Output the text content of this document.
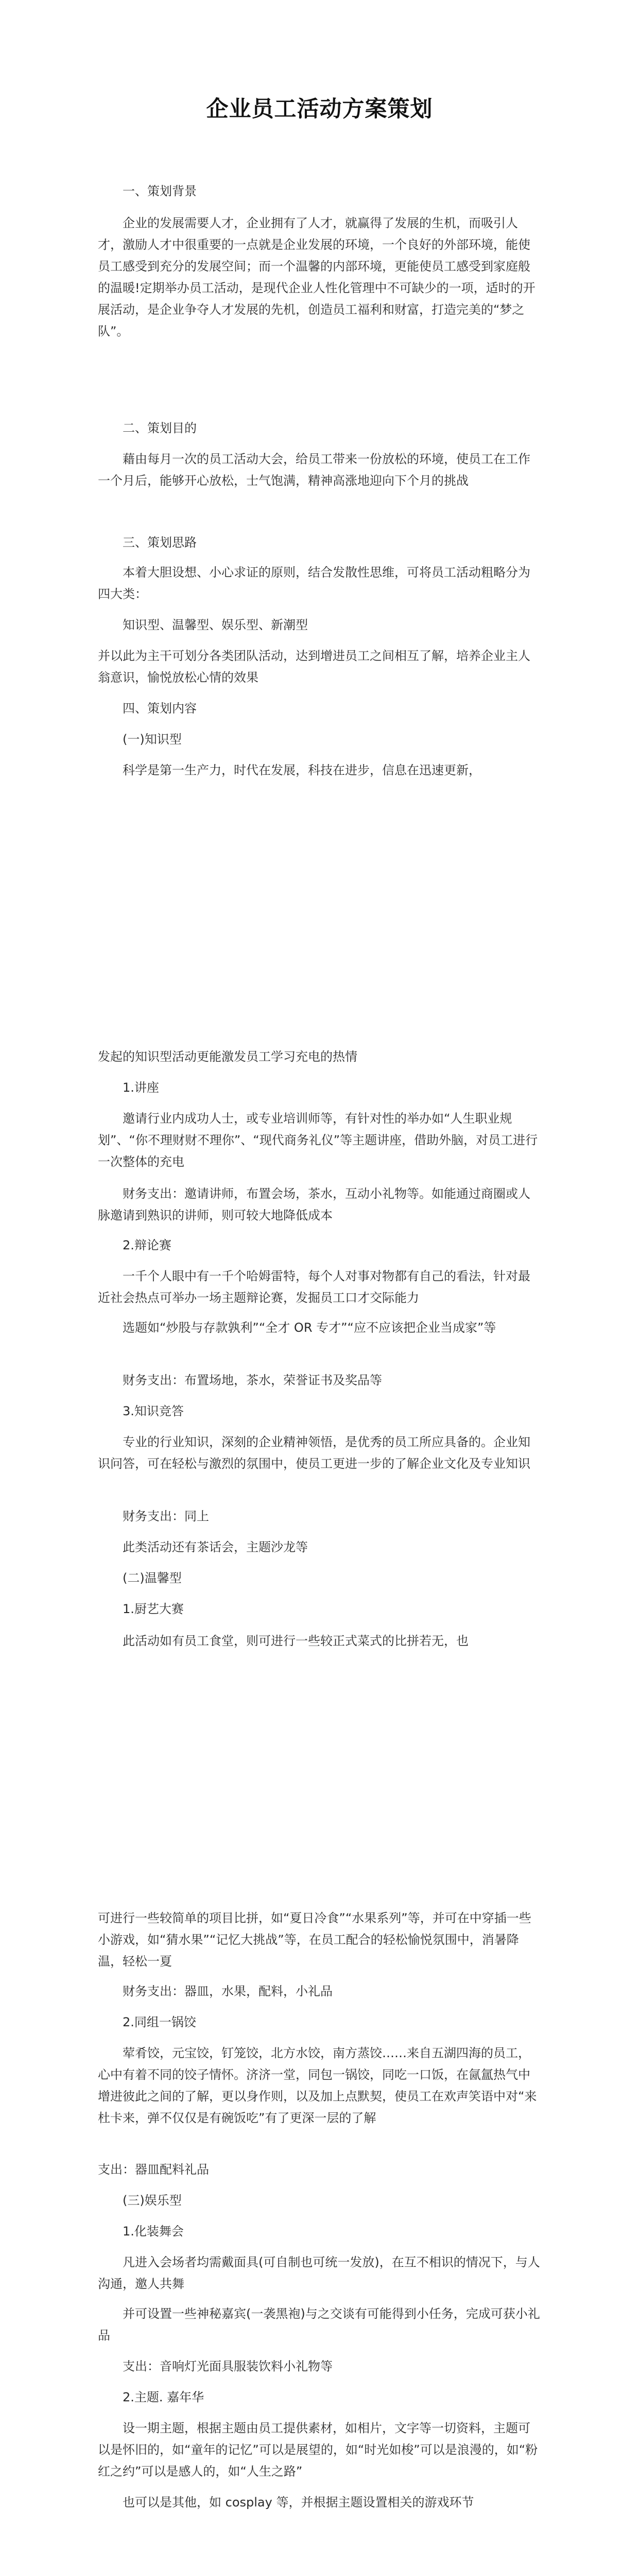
企业员工活动方案策划

一、策划背景

企业的发展需要人才，企业拥有了人才，就赢得了发展的生机，而吸引人才，激励人才中很重要的一点就是企业发展的环境，一个良好的外部环境，能使员工感受到充分的发展空间；而一个温馨的内部环境，更能使员工感受到家庭般的温暖!定期举办员工活动，是现代企业人性化管理中不可缺少的一项，适时的开展活动，是企业争夺人才发展的先机，创造员工福利和财富，打造完美的“梦之队”。

二、策划目的

藉由每月一次的员工活动大会，给员工带来一份放松的环境，使员工在工作一个月后，能够开心放松，士气饱满，精神高涨地迎向下个月的挑战

三、策划思路

本着大胆设想、小心求证的原则，结合发散性思维，可将员工活动粗略分为四大类：

知识型、温馨型、娱乐型、新潮型

并以此为主干可划分各类团队活动，达到增进员工之间相互了解，培养企业主人翁意识，愉悦放松心情的效果

四、策划内容

(一)知识型

科学是第一生产力，时代在发展，科技在进步，信息在迅速更新，

发起的知识型活动更能激发员工学习充电的热情

1.讲座

邀请行业内成功人士，或专业培训师等，有针对性的举办如“人生职业规划”、“你不理财财不理你”、“现代商务礼仪”等主题讲座，借助外脑，对员工进行一次整体的充电

财务支出：邀请讲师，布置会场，茶水，互动小礼物等。如能通过商圈或人脉邀请到熟识的讲师，则可较大地降低成本

2.辩论赛

一千个人眼中有一千个哈姆雷特，每个人对事对物都有自己的看法，针对最近社会热点可举办一场主题辩论赛，发掘员工口才交际能力

选题如“炒股与存款孰利”“全才 OR 专才”“应不应该把企业当成家”等

财务支出：布置场地，茶水，荣誉证书及奖品等

3.知识竞答

专业的行业知识，深刻的企业精神领悟，是优秀的员工所应具备的。企业知识问答，可在轻松与激烈的氛围中，使员工更进一步的了解企业文化及专业知识

财务支出：同上

此类活动还有茶话会，主题沙龙等

(二)温馨型

1.厨艺大赛

此活动如有员工食堂，则可进行一些较正式菜式的比拼若无，也

可进行一些较简单的项目比拼，如“夏日冷食”“水果系列”等，并可在中穿插一些小游戏，如“猜水果”“记忆大挑战”等，在员工配合的轻松愉悦氛围中，消暑降温，轻松一夏

财务支出：器皿，水果，配料，小礼品

2.同组一锅饺

荤肴饺，元宝饺，钉笼饺，北方水饺，南方蒸饺……来自五湖四海的员工，心中有着不同的饺子情怀。济济一堂，同包一锅饺，同吃一口饭，在氤氲热气中增进彼此之间的了解，更以身作则，以及加上点默契，使员工在欢声笑语中对“来杜卡来，弹不仅仅是有碗饭吃”有了更深一层的了解

支出：器皿配料礼品

(三)娱乐型

1.化装舞会

凡进入会场者均需戴面具(可自制也可统一发放)，在互不相识的情况下，与人沟通，邀人共舞

并可设置一些神秘嘉宾(一袭黑袍)与之交谈有可能得到小任务，完成可获小礼品

支出：音响灯光面具服装饮料小礼物等

2.主题. 嘉年华

设一期主题，根据主题由员工提供素材，如相片，文字等一切资料，主题可以是怀旧的，如“童年的记忆”可以是展望的，如“时光如梭”可以是浪漫的，如“粉红之约”可以是感人的，如“人生之路”

也可以是其他，如 cosplay 等，并根据主题设置相关的游戏环节
